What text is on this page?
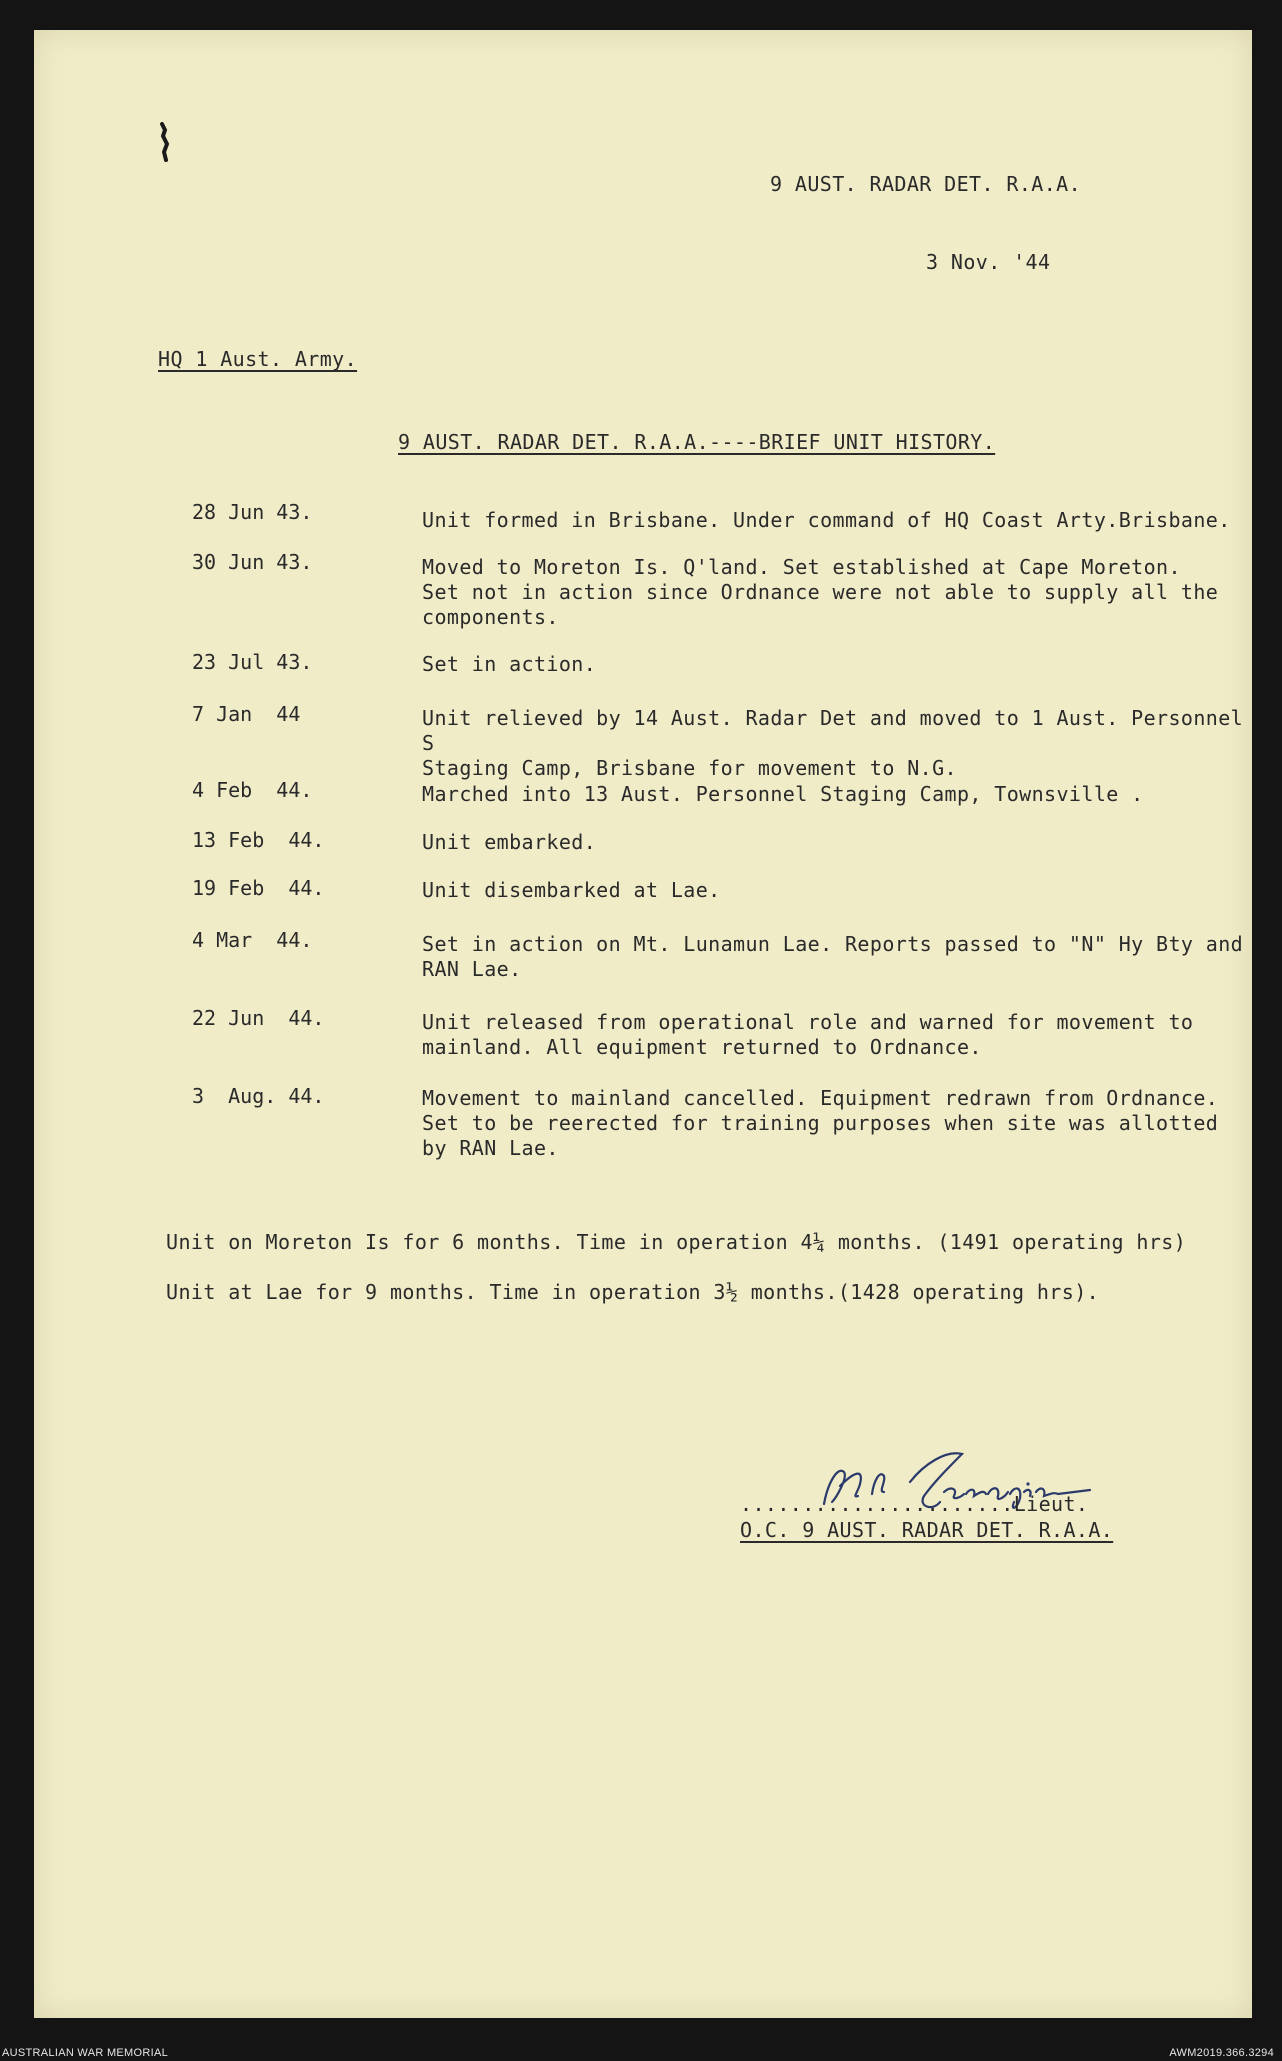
9 AUST. RADAR DET. R.A.A.
3 Nov. '44
HQ 1 Aust. Army.
9 AUST. RADAR DET. R.A.A.----BRIEF UNIT HISTORY.
28 Jun 43.	Unit formed in Brisbane. Under command of HQ Coast Arty.Brisbane.
30 Jun 43.	Moved to Moreton Is. Q'land. Set established at Cape Moreton.
Set not in action since Ordnance were not able to supply all the
components.
23 Jul 43.	Set in action.
7 Jan  44	Unit relieved by 14 Aust. Radar Det and moved to 1 Aust. Personnel S
Staging Camp, Brisbane for movement to N.G.
4 Feb  44.	Marched into 13 Aust. Personnel Staging Camp, Townsville .
13 Feb  44.	Unit embarked.
19 Feb  44.	Unit disembarked at Lae.
4 Mar  44.	Set in action on Mt. Lunamun Lae. Reports passed to "N" Hy Bty and
RAN Lae.
22 Jun  44.	Unit released from operational role and warned for movement to
mainland. All equipment returned to Ordnance.
3  Aug. 44.	Movement to mainland cancelled. Equipment redrawn from Ordnance.
Set to be reerected for training purposes when site was allotted
by RAN Lae.
Unit on Moreton Is for 6 months. Time in operation 4¼ months. (1491 operating hrs)
Unit at Lae for 9 months. Time in operation 3½ months.(1428 operating hrs).
......................Lieut.
O.C. 9 AUST. RADAR DET. R.A.A.
AUSTRALIAN WAR MEMORIAL	AWM2019.366.3294
